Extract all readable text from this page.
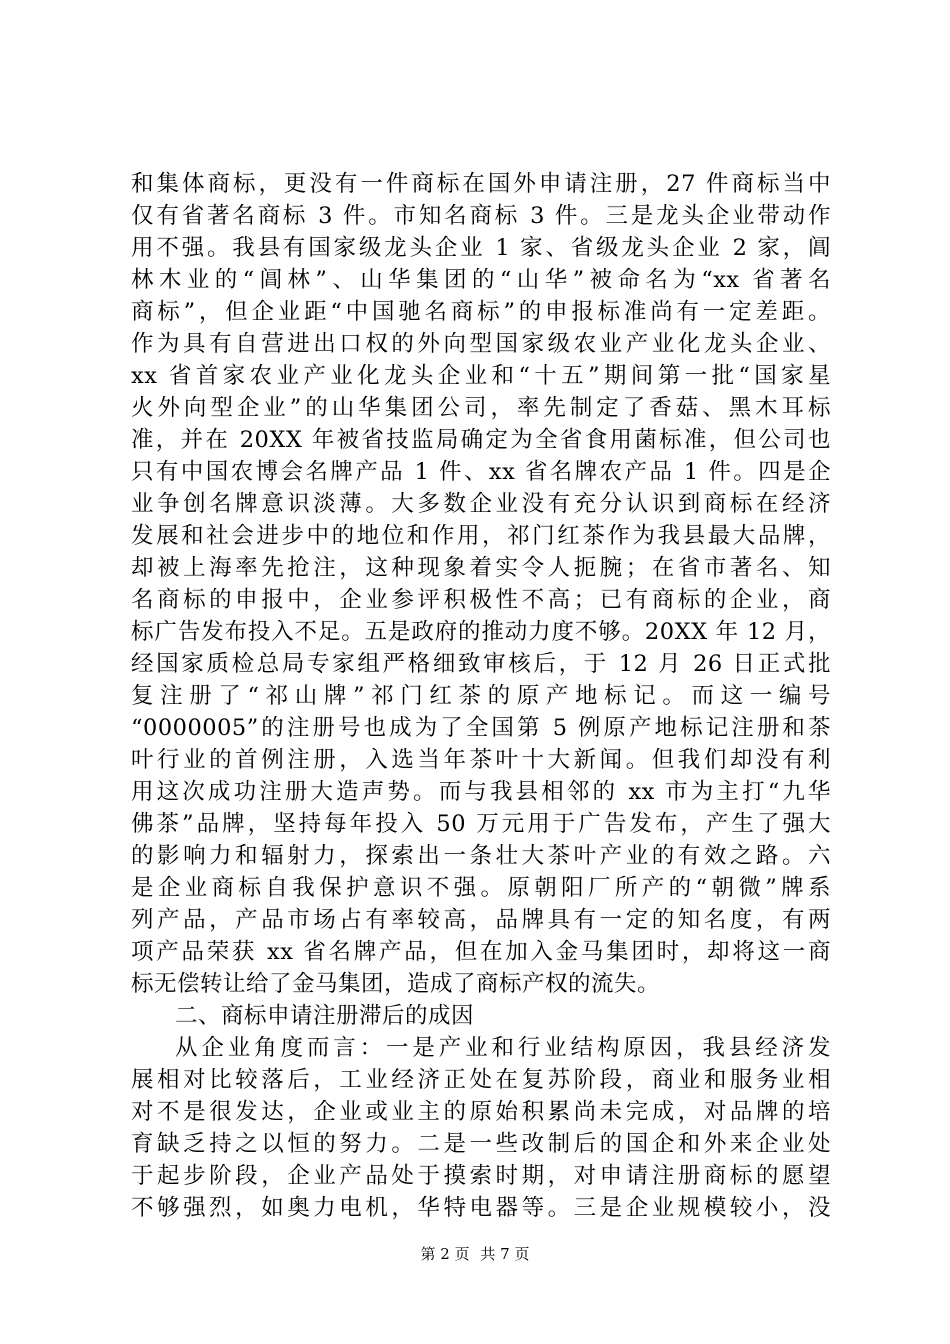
和集体商标，更没有一件商标在国外申请注册，27 件商标当中
仅有省著名商标 3 件。市知名商标 3 件。三是龙头企业带动作
用不强。我县有国家级龙头企业 1 家、省级龙头企业 2 家，阊
林木业的“阊林”、山华集团的“山华”被命名为“xx 省著名
商标”，但企业距“中国驰名商标”的申报标准尚有一定差距。
作为具有自营进出口权的外向型国家级农业产业化龙头企业、
xx 省首家农业产业化龙头企业和“十五”期间第一批“国家星
火外向型企业”的山华集团公司，率先制定了香菇、黑木耳标
准，并在 20XX 年被省技监局确定为全省食用菌标准，但公司也
只有中国农博会名牌产品 1 件、xx 省名牌农产品 1 件。四是企
业争创名牌意识淡薄。大多数企业没有充分认识到商标在经济
发展和社会进步中的地位和作用，祁门红茶作为我县最大品牌，
却被上海率先抢注，这种现象着实令人扼腕；在省市著名、知
名商标的申报中，企业参评积极性不高；已有商标的企业，商
标广告发布投入不足。五是政府的推动力度不够。20XX 年 12 月，
经国家质检总局专家组严格细致审核后，于 12 月 26 日正式批
复注册了“祁山牌”祁门红茶的原产地标记。而这一编号
“0000005”的注册号也成为了全国第 5 例原产地标记注册和茶
叶行业的首例注册，入选当年茶叶十大新闻。但我们却没有利
用这次成功注册大造声势。而与我县相邻的 xx 市为主打“九华
佛茶”品牌，坚持每年投入 50 万元用于广告发布，产生了强大
的影响力和辐射力，探索出一条壮大茶叶产业的有效之路。六
是企业商标自我保护意识不强。原朝阳厂所产的“朝微”牌系
列产品，产品市场占有率较高，品牌具有一定的知名度，有两
项产品荣获 xx 省名牌产品，但在加入金马集团时，却将这一商
标无偿转让给了金马集团，造成了商标产权的流失。
二、商标申请注册滞后的成因
从企业角度而言：一是产业和行业结构原因，我县经济发
展相对比较落后，工业经济正处在复苏阶段，商业和服务业相
对不是很发达，企业或业主的原始积累尚未完成，对品牌的培
育缺乏持之以恒的努力。二是一些改制后的国企和外来企业处
于起步阶段，企业产品处于摸索时期，对申请注册商标的愿望
不够强烈，如奥力电机，华特电器等。三是企业规模较小，没
第 2 页 共 7 页
